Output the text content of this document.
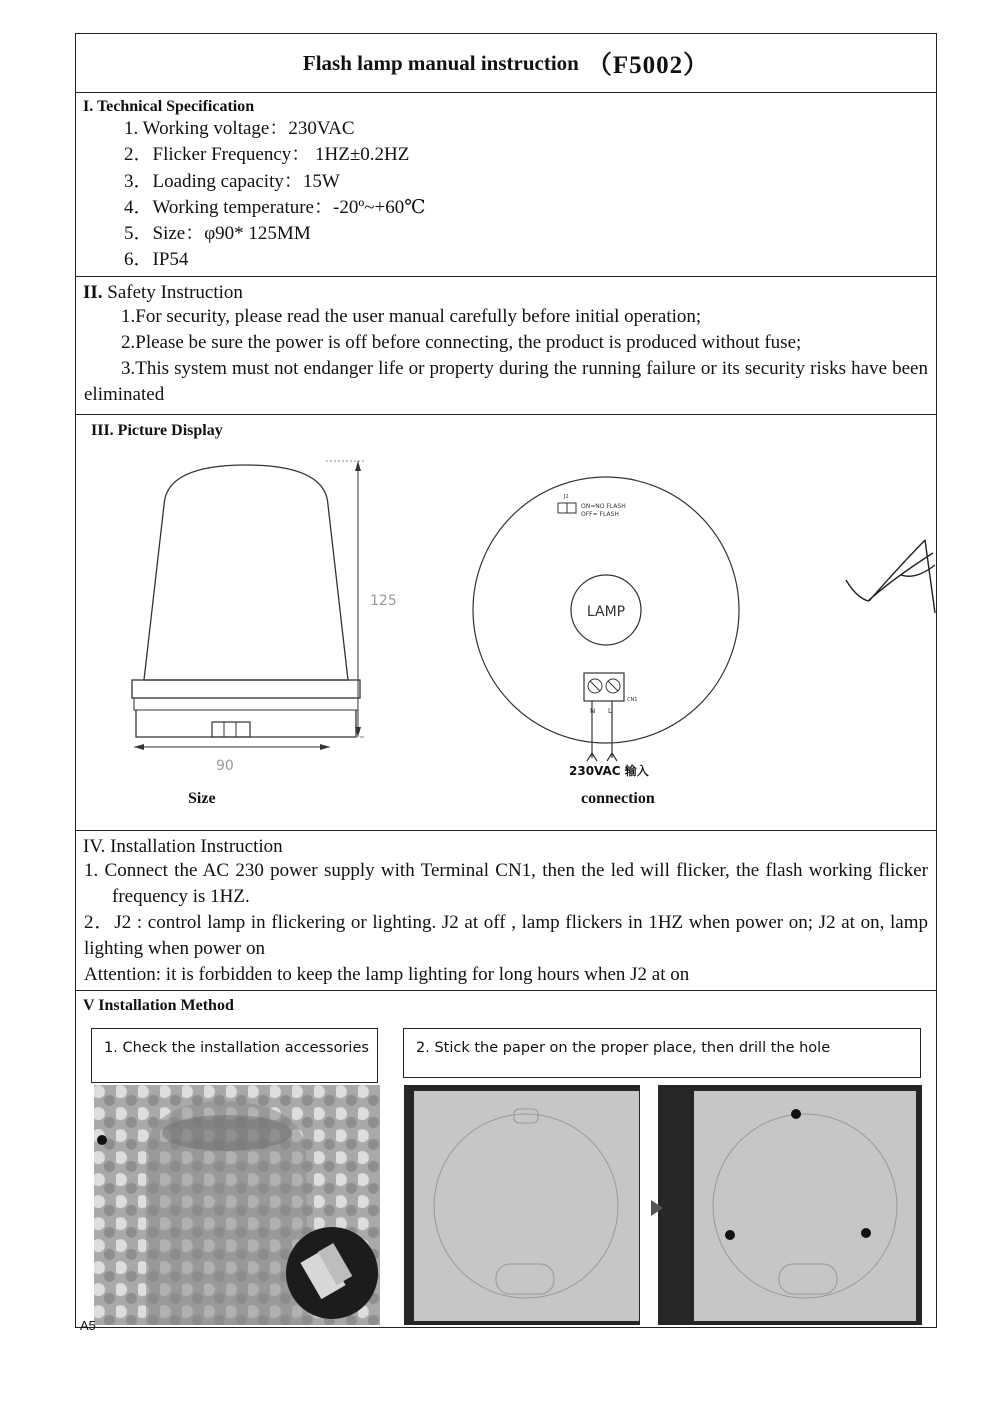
Flash lamp manual instruction （F5002）
I. Technical Specification
1. Working voltage：230VAC
2．Flicker Frequency： 1HZ±0.2HZ
3．Loading capacity：15W
4．Working temperature：-20º~+60℃
5．Size：φ90* 125MM
6．IP54
II. Safety Instruction
1.For security, please read the user manual carefully before initial operation;
2.Please be sure the power is off before connecting, the product is produced without fuse;
3.This system must not endanger life or property during the running failure or its security risks have been eliminated
III. Picture Display
125
90
Size
LAMP
J2
ON=NO FLASH
OFF= FLASH
CN1
N L
230VAC 输入
connection
IV. Installation Instruction
1. Connect the AC 230 power supply with Terminal CN1, then the led will flicker, the flash working flicker frequency is 1HZ.
2．J2 : control lamp in flickering or lighting. J2 at off , lamp flickers in 1HZ when power on; J2 at on, lamp lighting when power on
Attention: it is forbidden to keep the lamp lighting for long hours when J2 at on
V Installation Method
1. Check the installation accessories	2. Stick the paper on the proper place, then drill the hole
A5
